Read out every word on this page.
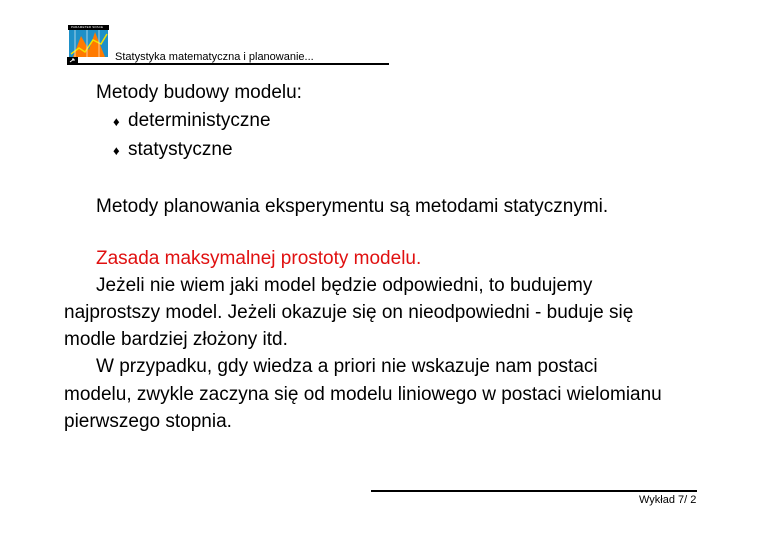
PARAMETER SPACE
Statystyka matematyczna i planowanie...
Metody budowy modelu:
♦ deterministyczne
♦ statystyczne
Metody planowania eksperymentu są metodami statycznymi.
Zasada maksymalnej prostoty modelu.
Jeżeli nie wiem jaki model będzie odpowiedni, to budujemy
najprostszy model. Jeżeli okazuje się on nieodpowiedni - buduje się
modle bardziej złożony itd.
W przypadku, gdy wiedza a priori nie wskazuje nam postaci
modelu, zwykle zaczyna się od modelu liniowego w postaci wielomianu
pierwszego stopnia.
Wykład 7/ 2
